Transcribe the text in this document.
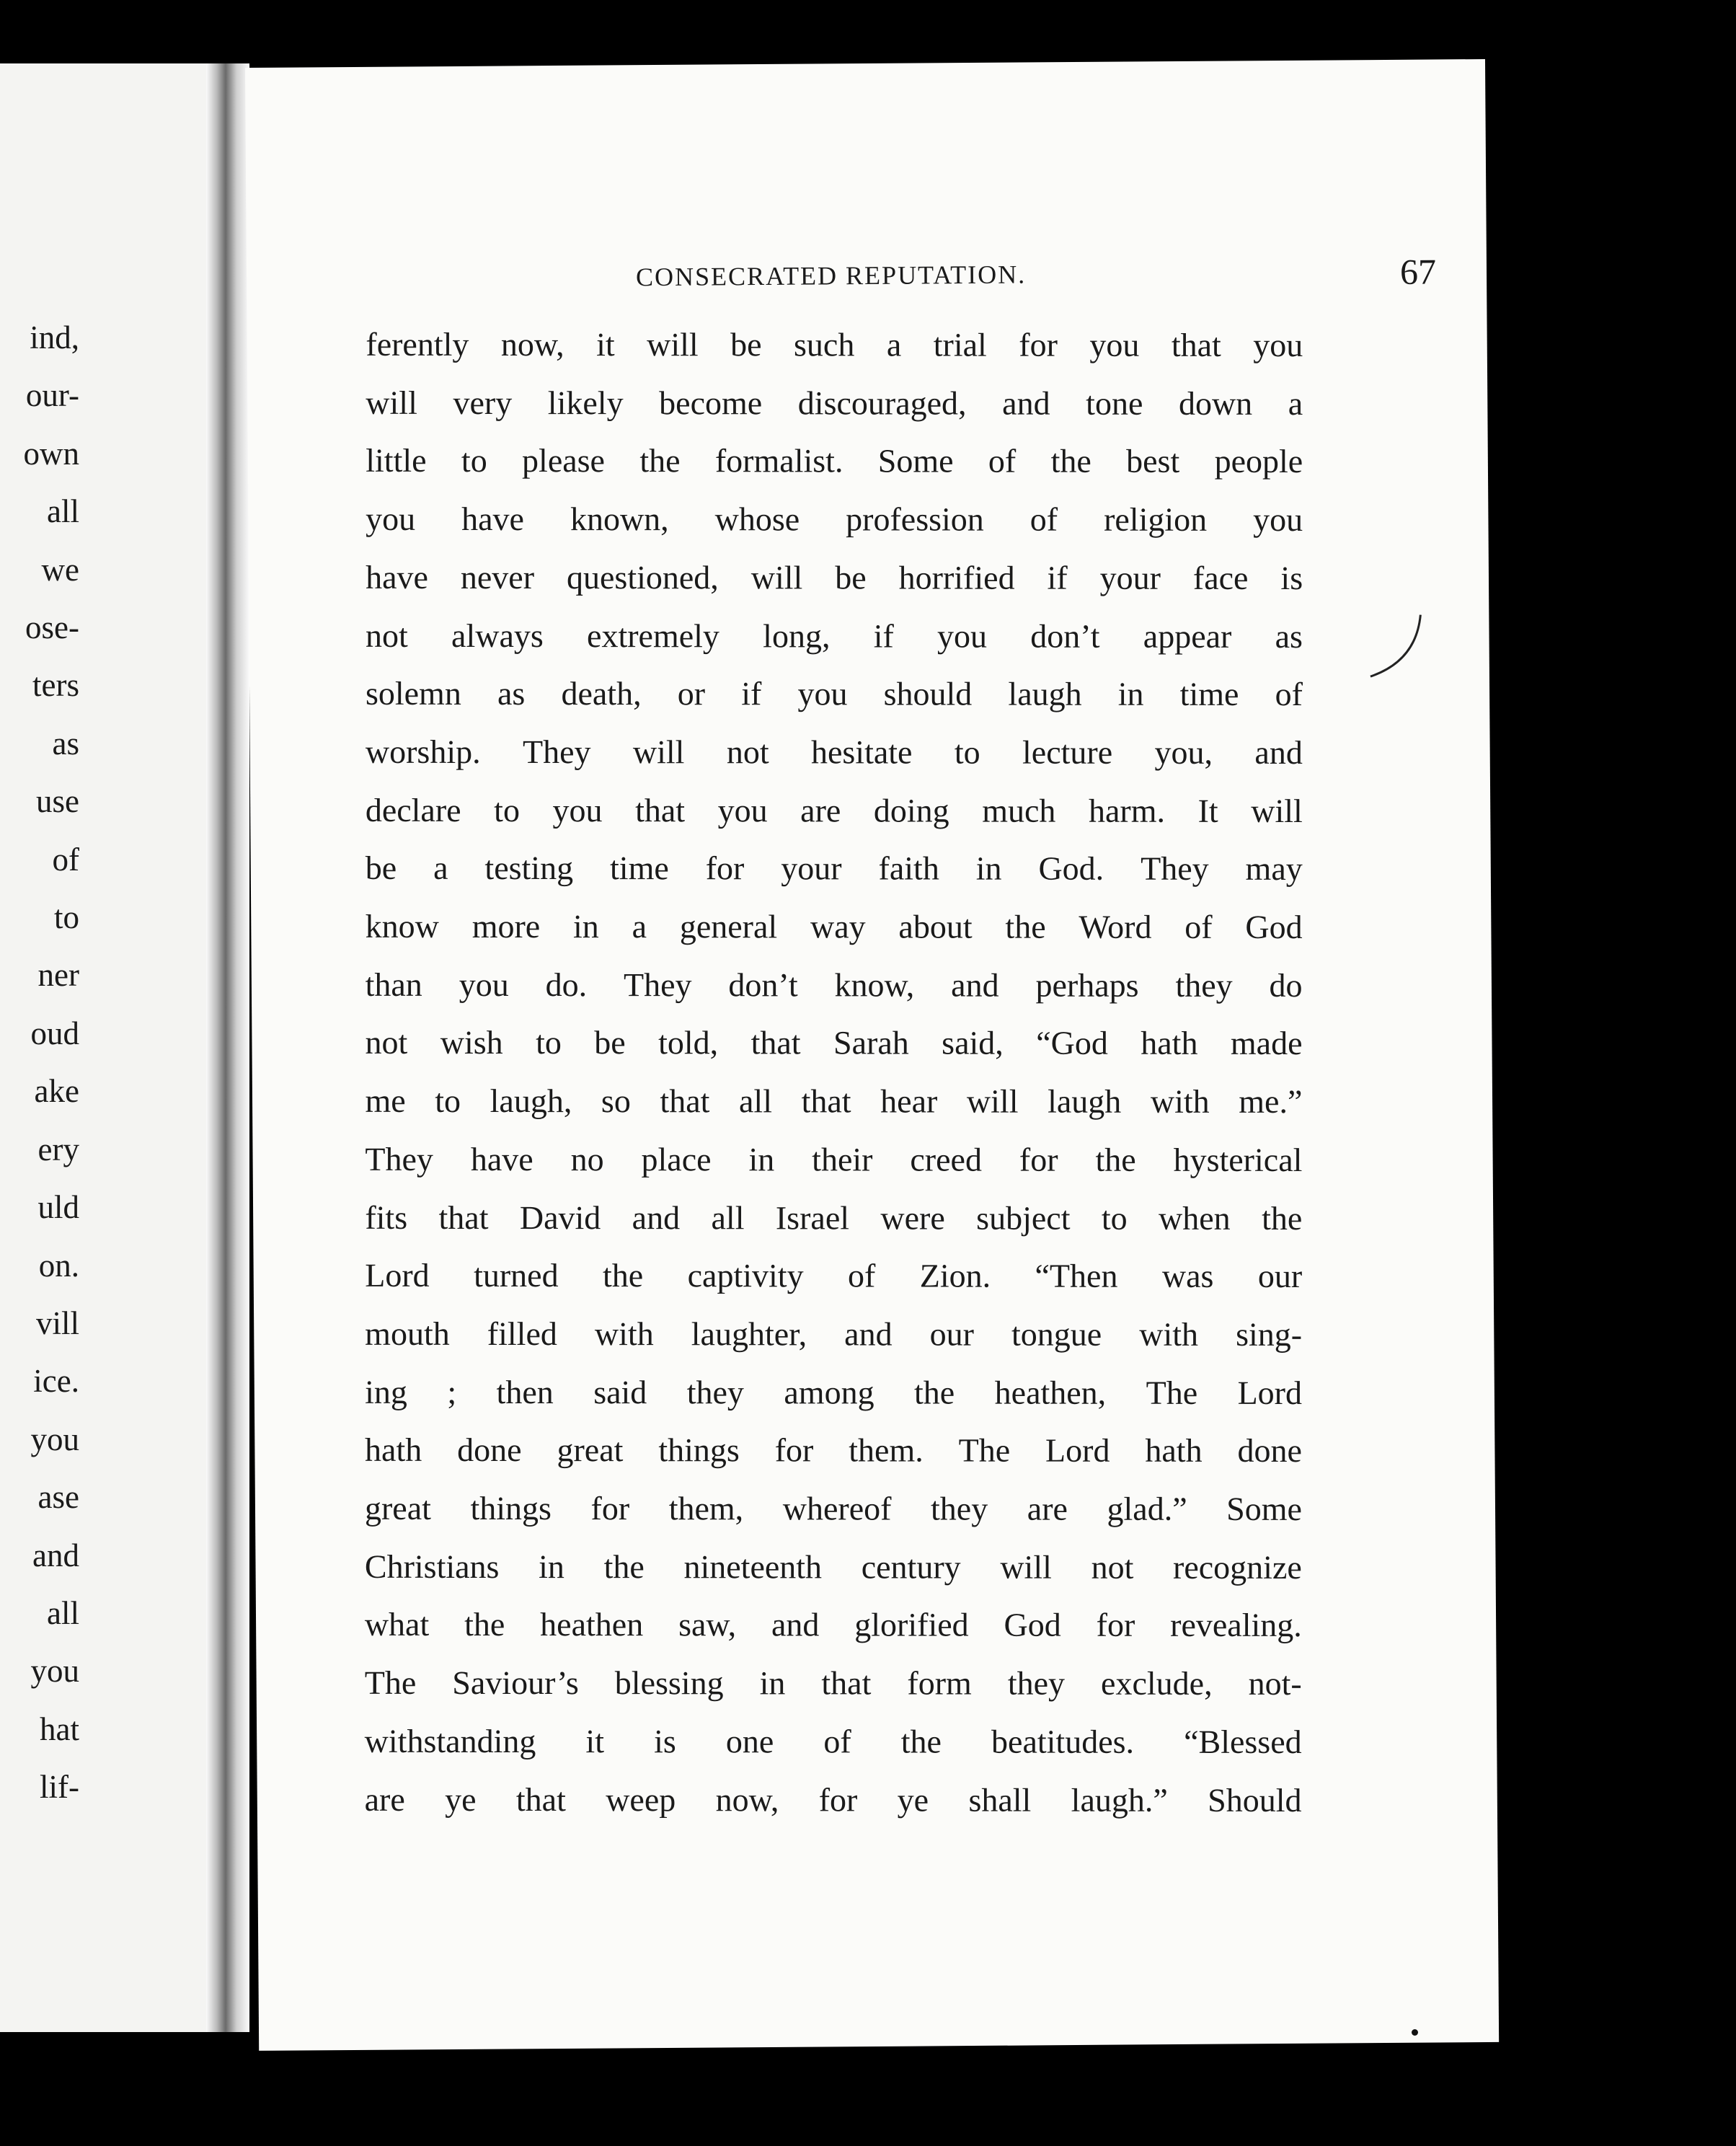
ind,
our-
own
all
we
ose-
ters
as
use
of
to
ner
oud
ake
ery
uld
on.
vill
ice.
you
ase
and
all
you
hat
lif-
CONSECRATED REPUTATION.	67
ferently now, it will be such a trial for you that you
will very likely become discouraged, and tone down a
little to please the formalist. Some of the best people
you have known, whose profession of religion you
have never questioned, will be horrified if your face is
not always extremely long, if you don’t appear as
solemn as death, or if you should laugh in time of
worship. They will not hesitate to lecture you, and
declare to you that you are doing much harm. It will
be a testing time for your faith in God. They may
know more in a general way about the Word of God
than you do. They don’t know, and perhaps they do
not wish to be told, that Sarah said, “God hath made
me to laugh, so that all that hear will laugh with me.”
They have no place in their creed for the hysterical
fits that David and all Israel were subject to when the
Lord turned the captivity of Zion. “Then was our
mouth filled with laughter, and our tongue with sing-
ing ; then said they among the heathen, The Lord
hath done great things for them. The Lord hath done
great things for them, whereof they are glad.” Some
Christians in the nineteenth century will not recognize
what the heathen saw, and glorified God for revealing.
The Saviour’s blessing in that form they exclude, not-
withstanding it is one of the beatitudes. “Blessed
are ye that weep now, for ye shall laugh.” Should
